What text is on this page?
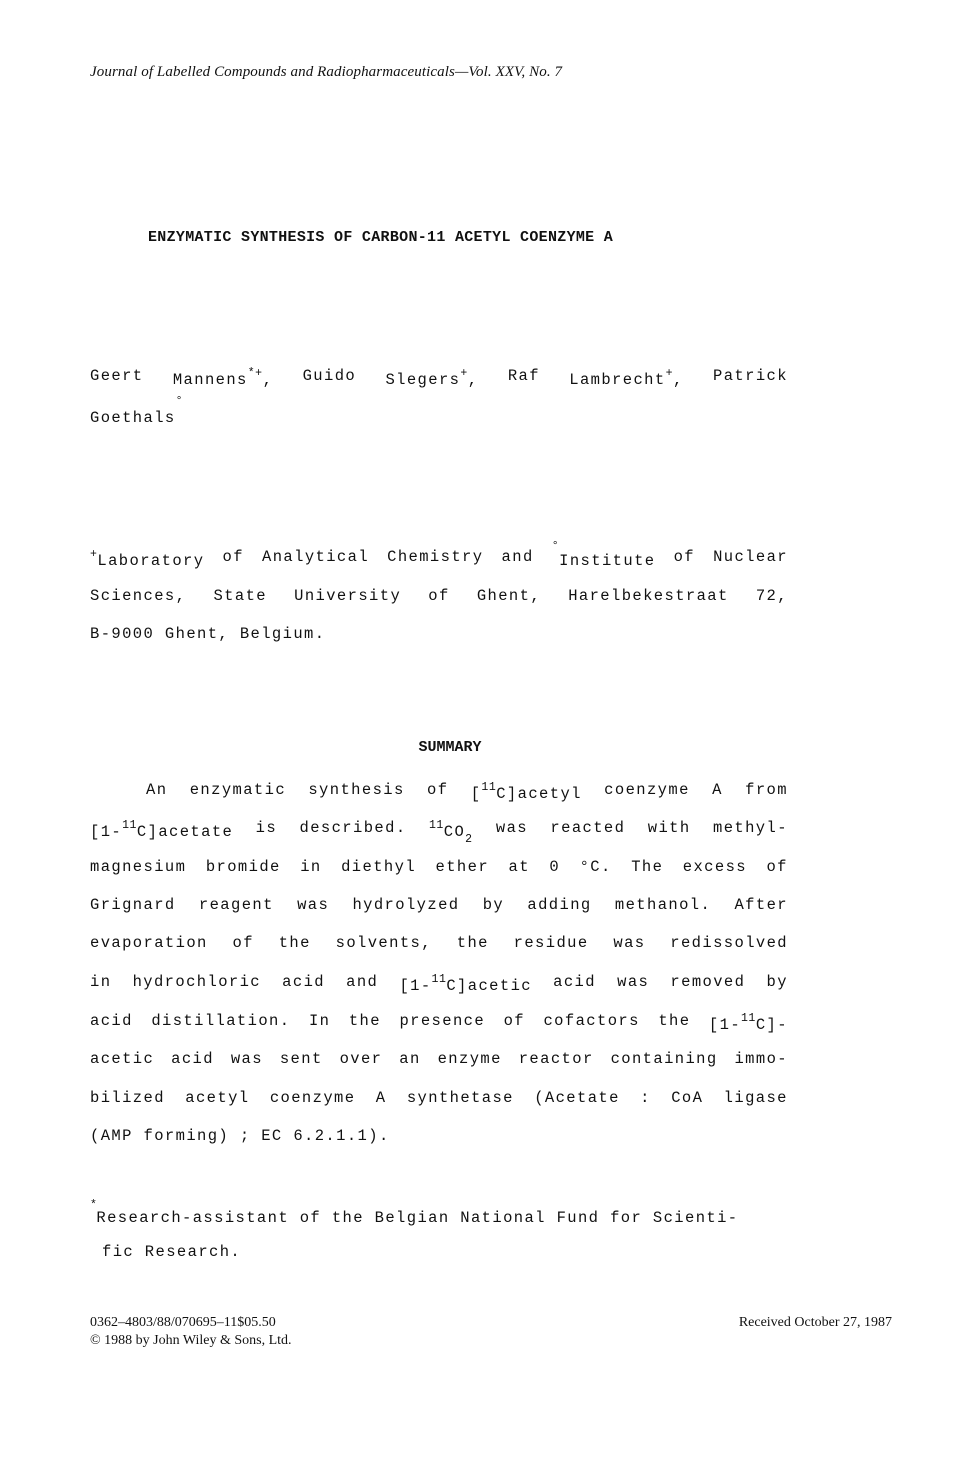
Journal of Labelled Compounds and Radiopharmaceuticals—Vol. XXV, No. 7
ENZYMATIC SYNTHESIS OF CARBON-11 ACETYL COENZYME A
Geert Mannens*+, Guido Slegers+, Raf Lambrecht+, Patrick
Goethals°
+Laboratory of Analytical Chemistry and
°Institute of Nuclear
Sciences, State University of Ghent, Harelbekestraat 72,
B-9000 Ghent, Belgium.
SUMMARY
An enzymatic synthesis of [$^{11}$C]acetyl coenzyme A from
[1-$^{11}$C]acetate is described. $^{11}CO_2$
was reacted with methyl-
magnesium bromide in diethyl ether at 0 °C. The excess of
Grignard reagent was hydrolyzed by adding methanol. After
evaporation of the solvents, the residue was redissolved
in hydrochloric acid and [1-$^{11}$C]acetic acid was removed by
acid distillation. In the presence of cofactors the [1-$^{11}$C]-
acetic acid was sent over an enzyme reactor containing immo-
bilized acetyl coenzyme A synthetase (Acetate : CoA ligase
(AMP forming) ; EC 6.2.1.1).
*Research-assistant of the Belgian National Fund for Scienti-
fic Research.
0362–4803/88/070695–11$05.50
© 1988 by John Wiley & Sons, Ltd.
Received October 27, 1987
